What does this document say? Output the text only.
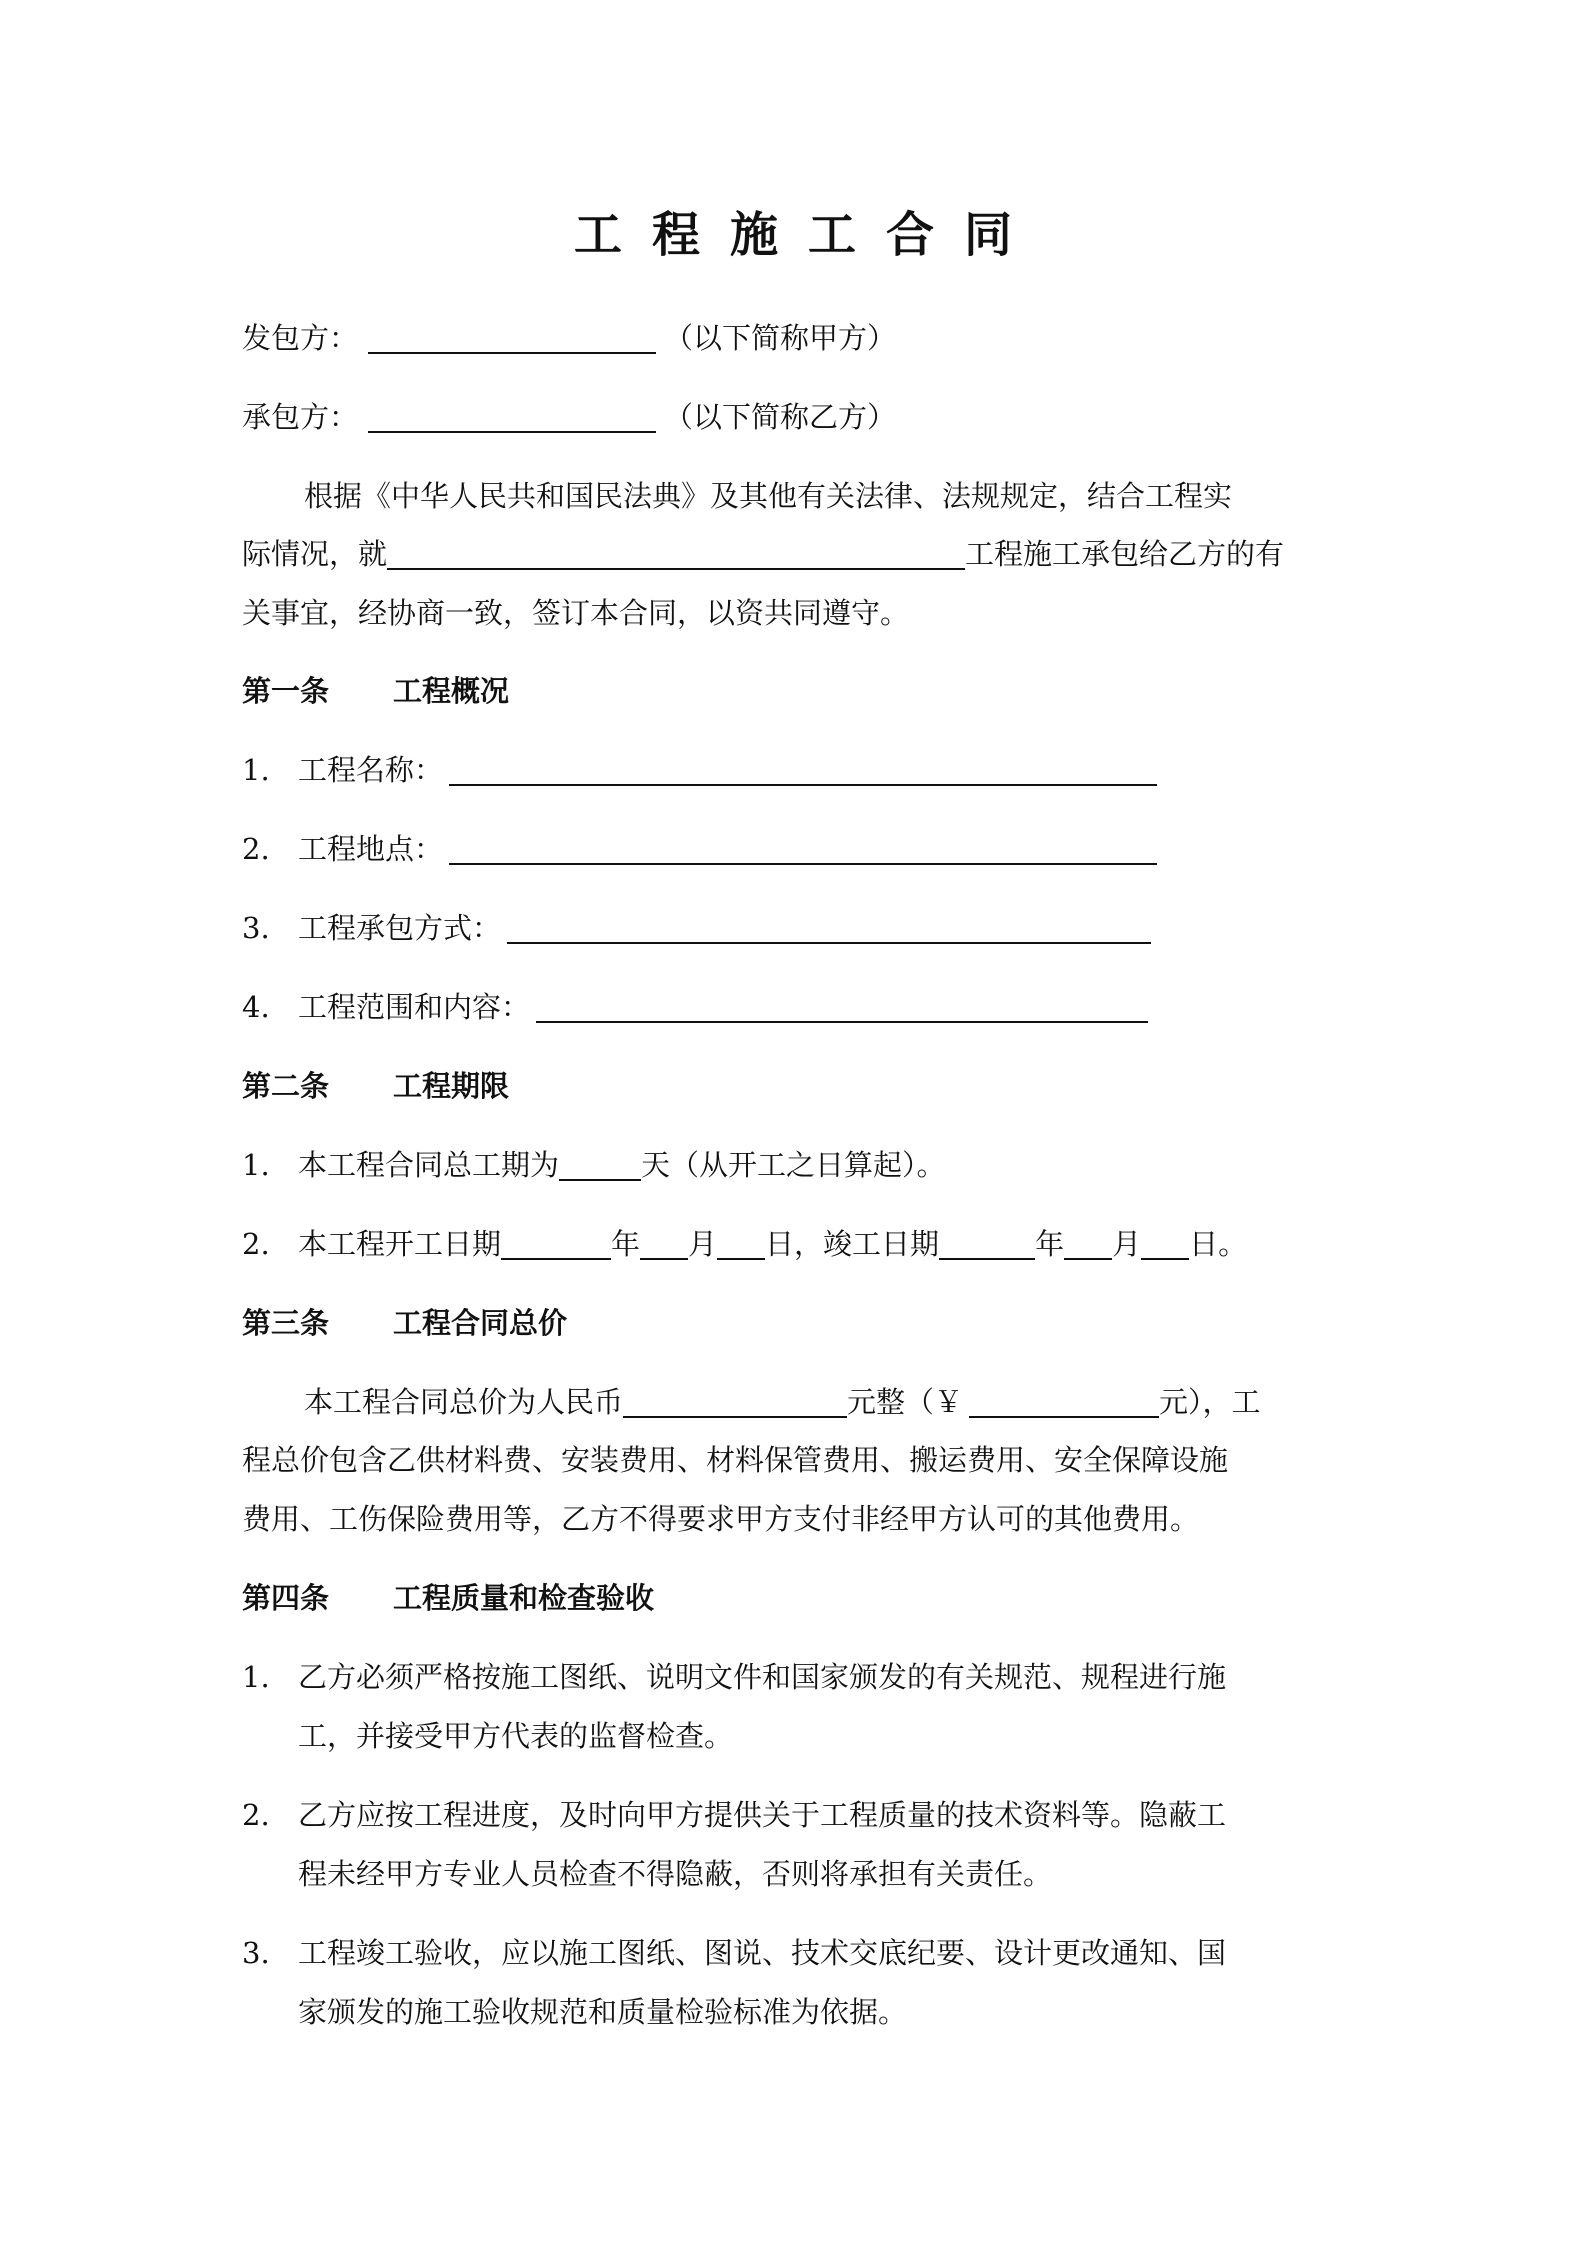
工程施工合同
发包方：	（以下简称甲方）
承包方：	（以下简称乙方）
根据《中华人民共和国民法典》及其他有关法律、法规规定，结合工程实
际情况，就	工程施工承包给乙方的有
关事宜，经协商一致，签订本合同，以资共同遵守。
第一条 工程概况
1. 工程名称：
2. 工程地点：
3. 工程承包方式：
4. 工程范围和内容：
第二条 工程期限
1. 本工程合同总工期为	天（从开工之日算起）。
2. 本工程开工日期	年 月 日，竣工日期	年 月 日。
第三条 工程合同总价
本工程合同总价为人民币	元整（￥	元），工
程总价包含乙供材料费、安装费用、材料保管费用、搬运费用、安全保障设施
费用、工伤保险费用等，乙方不得要求甲方支付非经甲方认可的其他费用。
第四条 工程质量和检查验收
1. 乙方必须严格按施工图纸、说明文件和国家颁发的有关规范、规程进行施
工，并接受甲方代表的监督检查。
2. 乙方应按工程进度，及时向甲方提供关于工程质量的技术资料等。隐蔽工
程未经甲方专业人员检查不得隐蔽，否则将承担有关责任。
3. 工程竣工验收，应以施工图纸、图说、技术交底纪要、设计更改通知、国
家颁发的施工验收规范和质量检验标准为依据。
